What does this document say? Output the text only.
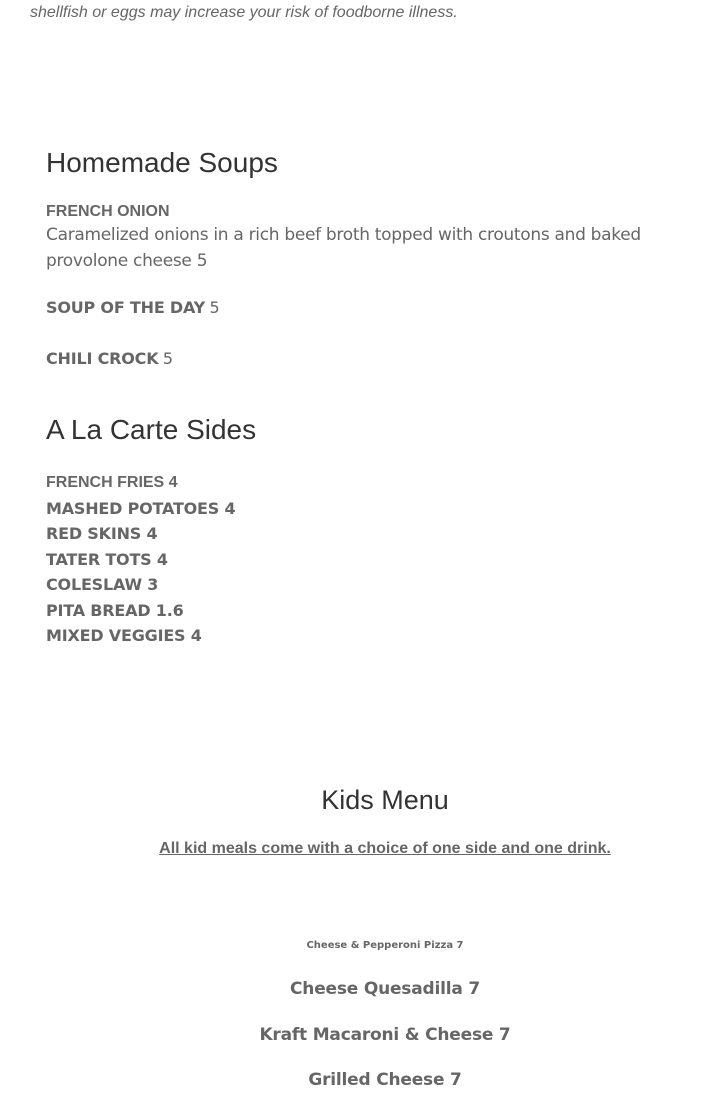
shellfish or eggs may increase your risk of foodborne illness.

Homemade Soups
FRENCH ONION
Caramelized onions in a rich beef broth topped with croutons and baked provolone cheese 5
SOUP OF THE DAY 5
CHILI CROCK 5
A La Carte Sides
FRENCH FRIES 4
MASHED POTATOES 4
RED SKINS 4
TATER TOTS 4
COLESLAW 3
PITA BREAD 1.6
MIXED VEGGIES 4
Kids Menu
All kid meals come with a choice of one side and one drink.
Cheese & Pepperoni Pizza 7
Cheese Quesadilla 7
Kraft Macaroni & Cheese 7
Grilled Cheese 7
